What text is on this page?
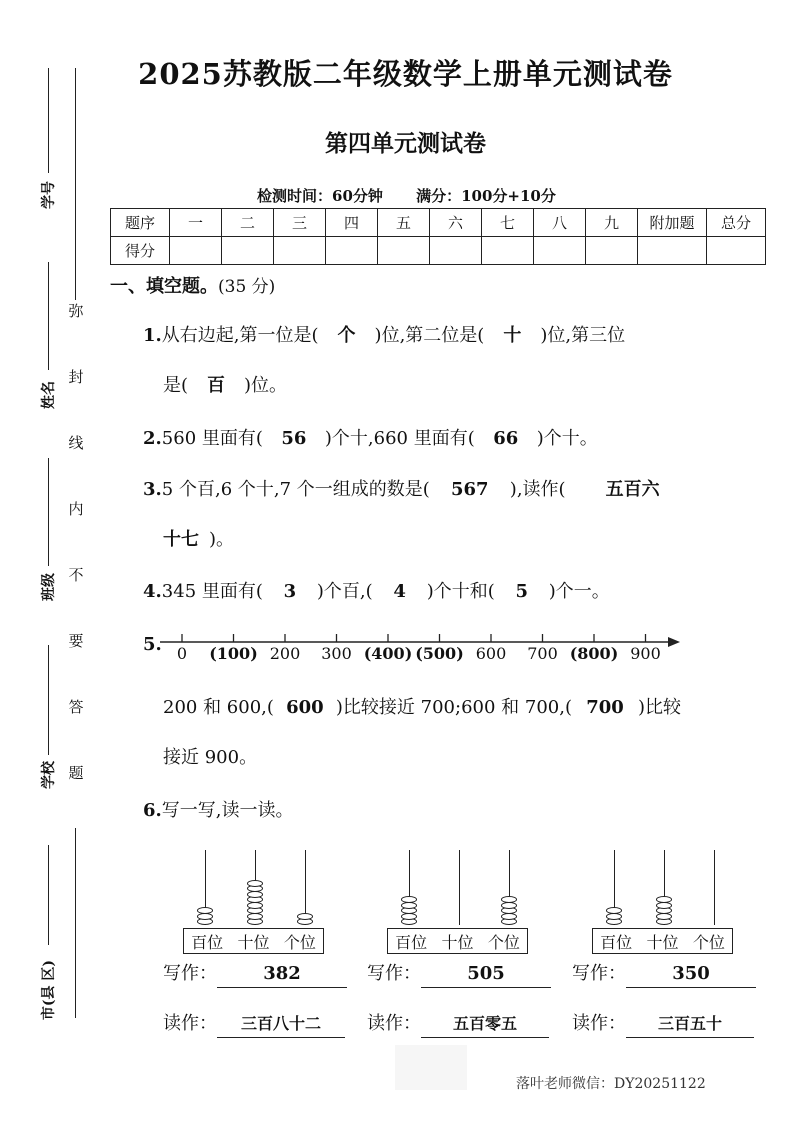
学号
姓名
班级
学校
市(县 区)
弥
封
线
内
不
要
答
题
2025苏教版二年级数学上册单元测试卷
第四单元测试卷
检测时间：60分钟 满分：100分+10分
题序	一	二	三	四	五	六	七	八	九	附加题	总分
得分											
一、填空题。(35 分)
1.从右边起,第一位是( 个 )位,第二位是( 十 )位,第三位
是( 百 )位。
2.560 里面有( 56 )个十,660 里面有( 66 )个十。
3.5 个百,6 个十,7 个一组成的数是( 567 ),读作( 五百六
十七 )。
4.345 里面有( 3 )个百,( 4 )个十和( 5 )个一。
5. 0	(100) 200	300 (400) (500) 600	700 (800) 900
200 和 600,( 600 )比较接近 700;600 和 700,( 700 )比较
接近 900。
6.写一写,读一读。
百位 十位 个位
写作：	382
读作： 三百八十二
百位 十位 个位
写作：	505
读作： 五百零五
百位 十位 个位
写作：	350
读作： 三百五十
落叶老师微信：DY20251122
